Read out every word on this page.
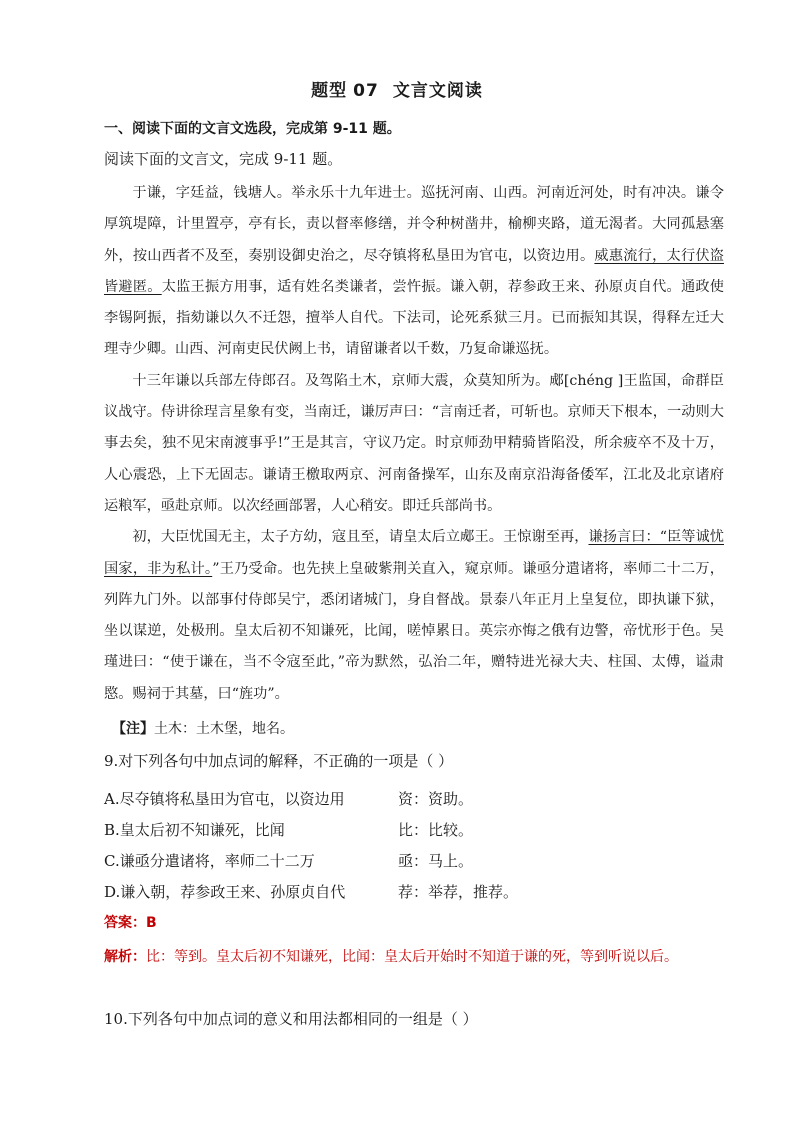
题型 07 文言文阅读
一、阅读下面的文言文选段，完成第 9-11 题。
阅读下面的文言文，完成 9-11 题。

于谦，字廷益，钱塘人。举永乐十九年进士。巡抚河南、山西。河南近河处，时有冲决。谦令厚筑堤障，计里置亭，亭有长，责以督率修缮，并令种树凿井，榆柳夹路，道无渴者。大同孤悬塞外，按山西者不及至，奏别设御史治之，尽夺镇将私垦田为官屯，以资边用。威惠流行，太行伏盗皆避匿。太监王振方用事，适有姓名类谦者，尝忤振。谦入朝，荐参政王来、孙原贞自代。通政使李锡阿振，指劾谦以久不迁怨，擅举人自代。下法司，论死系狱三月。已而振知其误，得释左迁大理寺少卿。山西、河南吏民伏阙上书，请留谦者以千数，乃复命谦巡抚。

十三年谦以兵部左侍郎召。及驾陷土木，京师大震，众莫知所为。郕[chéng ]王监国，命群臣议战守。侍讲徐珵言星象有变，当南迁，谦厉声曰：“言南迁者，可斩也。京师天下根本，一动则大事去矣，独不见宋南渡事乎!”王是其言，守议乃定。时京师劲甲精骑皆陷没，所余疲卒不及十万，人心震恐，上下无固志。谦请王檄取两京、河南备操军，山东及南京沿海备倭军，江北及北京诸府运粮军，亟赴京师。以次经画部署，人心稍安。即迁兵部尚书。

初，大臣忧国无主，太子方幼，寇且至，请皇太后立郕王。王惊谢至再，谦扬言曰：“臣等诚忧国家，非为私计。”王乃受命。也先挟上皇破紫荆关直入，窥京师。谦亟分遣诸将，率师二十二万，列阵九门外。以部事付侍郎吴宁，悉闭诸城门，身自督战。景泰八年正月上皇复位，即执谦下狱，坐以谋逆，处极刑。皇太后初不知谦死，比闻，嗟悼累日。英宗亦悔之俄有边警，帝忧形于色。吴瑾进曰：“使于谦在，当不令寇至此，”帝为默然，弘治二年，赠特进光禄大夫、柱国、太傅，谥肃愍。赐祠于其墓，曰“旌功”。

【注】土木：土木堡，地名。
9.对下列各句中加点词的解释，不正确的一项是（ ）
A.尽夺镇将私垦田为官屯，以资边用	资：资助。
B.皇太后初不知谦死，比闻	比：比较。
C.谦亟分遣诸将，率师二十二万	亟：马上。
D.谦入朝，荐参政王来、孙原贞自代	荐：举荐，推荐。
答案：B
解析：比：等到。皇太后初不知谦死，比闻：皇太后开始时不知道于谦的死，等到听说以后。
10.下列各句中加点词的意义和用法都相同的一组是（ ）
